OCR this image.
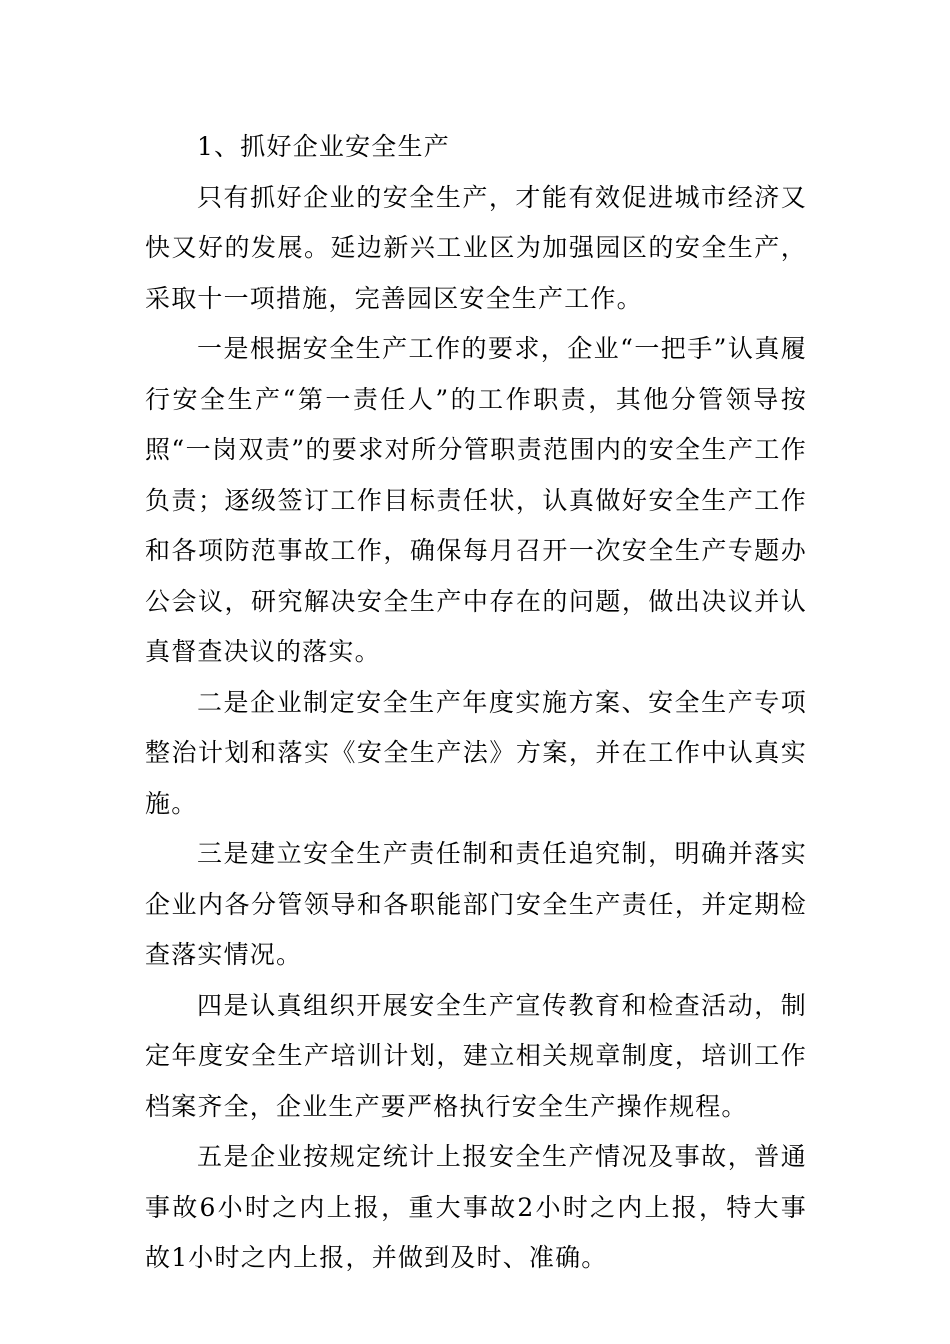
1、抓好企业安全生产

只有抓好企业的安全生产，才能有效促进城市经济又快又好的发展。延边新兴工业区为加强园区的安全生产，采取十一项措施，完善园区安全生产工作。

一是根据安全生产工作的要求，企业“一把手”认真履行安全生产“第一责任人”的工作职责，其他分管领导按照“一岗双责”的要求对所分管职责范围内的安全生产工作负责；逐级签订工作目标责任状，认真做好安全生产工作和各项防范事故工作，确保每月召开一次安全生产专题办公会议，研究解决安全生产中存在的问题，做出决议并认真督查决议的落实。

二是企业制定安全生产年度实施方案、安全生产专项整治计划和落实《安全生产法》方案，并在工作中认真实施。

三是建立安全生产责任制和责任追究制，明确并落实企业内各分管领导和各职能部门安全生产责任，并定期检查落实情况。

四是认真组织开展安全生产宣传教育和检查活动，制定年度安全生产培训计划，建立相关规章制度，培训工作档案齐全，企业生产要严格执行安全生产操作规程。

五是企业按规定统计上报安全生产情况及事故，普通事故6小时之内上报，重大事故2小时之内上报，特大事故1小时之内上报，并做到及时、准确。
